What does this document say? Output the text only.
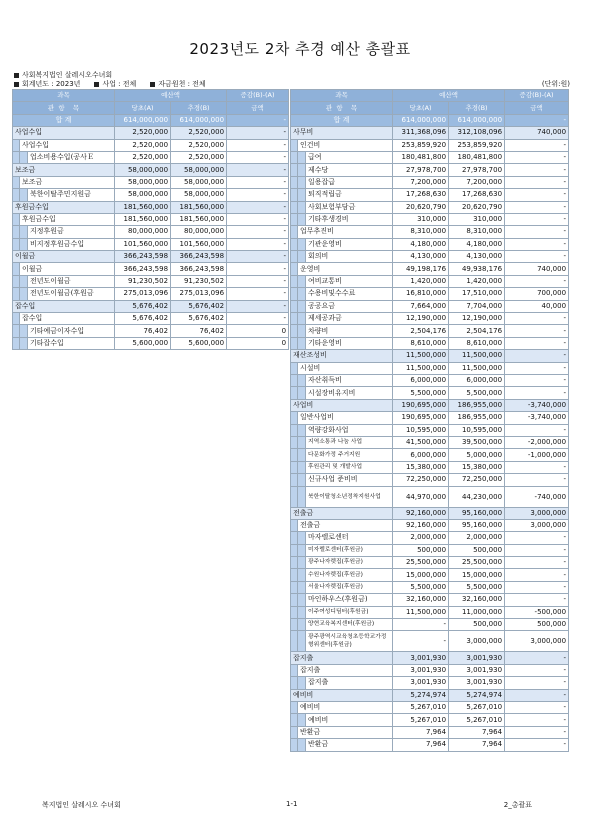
2023년도 2차 추경 예산 총괄표
사회복지법인 살레시오수녀회
회계년도 : 2023년	사업 : 전체	자금원천 : 전체	(단위:원)
과목			예산액		증감(B)-(A)
관 항 목			당초(A)	추경(B)	금액
합 계			614,000,000	614,000,000	-
사업수입			2,520,000	2,520,000	-
	사업수입		2,520,000	2,520,000	-
		업소비용수입(공사Ｅ	2,520,000	2,520,000	-
보조금			58,000,000	58,000,000	-
	보조금		58,000,000	58,000,000	-
		북한이탈주민지원금	58,000,000	58,000,000	-
후원금수입			181,560,000	181,560,000	-
	후원금수입		181,560,000	181,560,000	-
		지정후원금	80,000,000	80,000,000	-
		비지정후원금수입	101,560,000	101,560,000	-
이월금			366,243,598	366,243,598	-
	이월금		366,243,598	366,243,598	-
		전년도이월금	91,230,502	91,230,502	-
		전년도이월금(후원금	275,013,096	275,013,096	-
잡수입			5,676,402	5,676,402	-
	잡수입		5,676,402	5,676,402	-
		기타예금이자수입	76,402	76,402	0
		기타잡수입	5,600,000	5,600,000	0
과목			예산액		증감(B)-(A)
관 항 목			당초(A)	추경(B)	금액
합 계			614,000,000	614,000,000	-
사무비			311,368,096	312,108,096	740,000
	인건비		253,859,920	253,859,920	-
		급여	180,481,800	180,481,800	-
		제수당	27,978,700	27,978,700	-
		일용잡급	7,200,000	7,200,000	-
		퇴직적립금	17,268,630	17,268,630	-
		사회보험부담금	20,620,790	20,620,790	-
		기타후생경비	310,000	310,000	-
	업무추진비		8,310,000	8,310,000	-
		기관운영비	4,180,000	4,180,000	-
		회의비	4,130,000	4,130,000	-
	운영비		49,198,176	49,938,176	740,000
		여비교통비	1,420,000	1,420,000	-
		수용비및수수료	16,810,000	17,510,000	700,000
		공공요금	7,664,000	7,704,000	40,000
		제세공과금	12,190,000	12,190,000	-
		차량비	2,504,176	2,504,176	-
		기타운영비	8,610,000	8,610,000	-
재산조성비			11,500,000	11,500,000	-
	시설비		11,500,000	11,500,000	-
		자산취득비	6,000,000	6,000,000	-
		시설장비유지비	5,500,000	5,500,000	-
사업비			190,695,000	186,955,000	-3,740,000
	일반사업비		190,695,000	186,955,000	-3,740,000
		역량강화사업	10,595,000	10,595,000	-
		지역소통과 나눔 사업	41,500,000	39,500,000	-2,000,000
		다문화가정 주거지원	6,000,000	5,000,000	-1,000,000
		후원관리 및 개발사업	15,380,000	15,380,000	-
		신규사업 준비비	72,250,000	72,250,000	-
		북한이탈청소년정착지원사업	44,970,000	44,230,000	-740,000
전출금			92,160,000	95,160,000	3,000,000
	전출금		92,160,000	95,160,000	3,000,000
		마자렐로센터	2,000,000	2,000,000	-
		미자렐로센터(후원금)	500,000	500,000	-
		광주나자렛집(후원금)	25,500,000	25,500,000	-
		수원나자렛집(후원금)	15,000,000	15,000,000	-
		서울나자렛집(후원금)	5,500,000	5,500,000	-
		마인하우스(후원금)	32,160,000	32,160,000	-
		이주여성디딤터(후원금)	11,500,000	11,000,000	-500,000
		양현교육복지센터(후원금)	-	500,000	500,000
		광주광역시교육청초등학교가정형위센터(후원금)	-	3,000,000	3,000,000
잡지출			3,001,930	3,001,930	-
	잡지출		3,001,930	3,001,930	-
		잡지출	3,001,930	3,001,930	-
예비비			5,274,974	5,274,974	-
	예비비		5,267,010	5,267,010	-
		예비비	5,267,010	5,267,010	-
	반환금		7,964	7,964	-
		반환금	7,964	7,964	-
복지법인 살레시오 수녀회	1-1	2_총괄표
